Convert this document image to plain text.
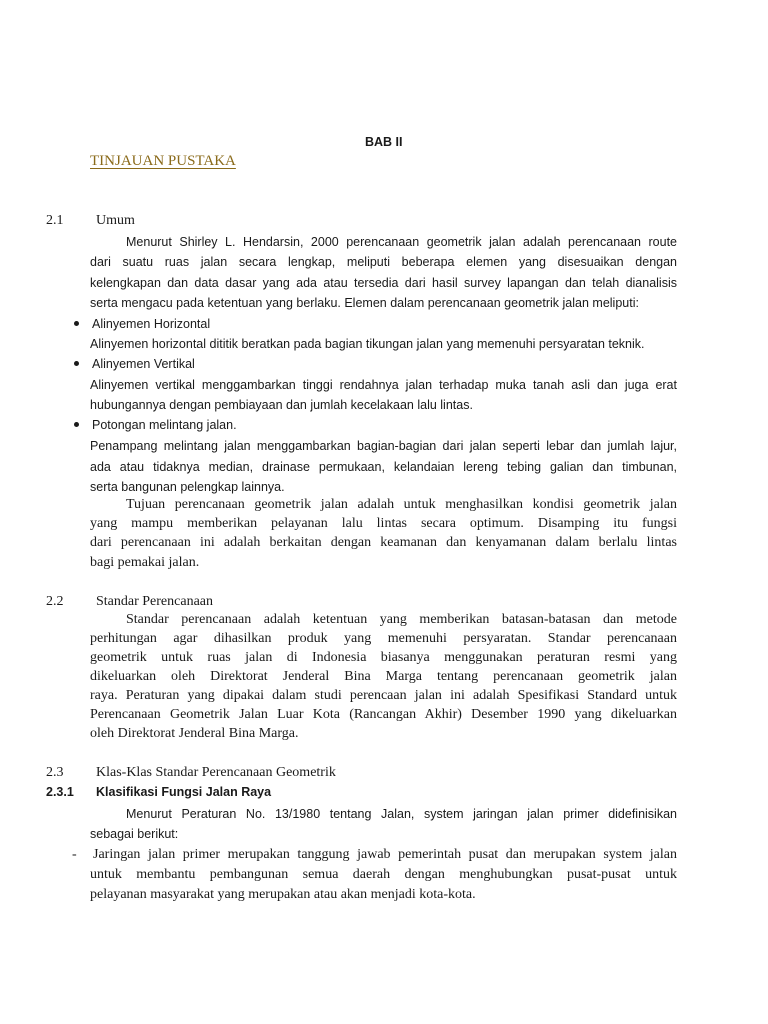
BAB II
TINJAUAN PUSTAKA
2.1 Umum
Menurut Shirley L. Hendarsin, 2000 perencanaan geometrik jalan adalah perencanaan route
dari suatu ruas jalan secara lengkap, meliputi beberapa elemen yang disesuaikan dengan
kelengkapan dan data dasar yang ada atau tersedia dari hasil survey lapangan dan telah dianalisis
serta mengacu pada ketentuan yang berlaku. Elemen dalam perencanaan geometrik jalan meliputi:
Alinyemen Horizontal
Alinyemen horizontal dititik beratkan pada bagian tikungan jalan yang memenuhi persyaratan teknik.
Alinyemen Vertikal
Alinyemen vertikal menggambarkan tinggi rendahnya jalan terhadap muka tanah asli dan juga erat
hubungannya dengan pembiayaan dan jumlah kecelakaan lalu lintas.
Potongan melintang jalan.
Penampang melintang jalan menggambarkan bagian-bagian dari jalan seperti lebar dan jumlah lajur,
ada atau tidaknya median, drainase permukaan, kelandaian lereng tebing galian dan timbunan,
serta bangunan pelengkap lainnya.
Tujuan perencanaan geometrik jalan adalah untuk menghasilkan kondisi geometrik jalan
yang mampu memberikan pelayanan lalu lintas secara optimum. Disamping itu fungsi
dari perencanaan ini adalah berkaitan dengan keamanan dan kenyamanan dalam berlalu lintas
bagi pemakai jalan.
2.2 Standar Perencanaan
Standar perencanaan adalah ketentuan yang memberikan batasan-batasan dan metode
perhitungan agar dihasilkan produk yang memenuhi persyaratan. Standar perencanaan
geometrik untuk ruas jalan di Indonesia biasanya menggunakan peraturan resmi yang
dikeluarkan oleh Direktorat Jenderal Bina Marga tentang perencanaan geometrik jalan
raya. Peraturan yang dipakai dalam studi perencaan jalan ini adalah Spesifikasi Standard untuk
Perencanaan Geometrik Jalan Luar Kota (Rancangan Akhir) Desember 1990 yang dikeluarkan
oleh Direktorat Jenderal Bina Marga.
2.3 Klas-Klas Standar Perencanaan Geometrik
2.3.1 Klasifikasi Fungsi Jalan Raya
Menurut Peraturan No. 13/1980 tentang Jalan, system jaringan jalan primer didefinisikan
sebagai berikut:
- Jaringan jalan primer merupakan tanggung jawab pemerintah pusat dan merupakan system jalan
untuk membantu pembangunan semua daerah dengan menghubungkan pusat-pusat untuk
pelayanan masyarakat yang merupakan atau akan menjadi kota-kota.
